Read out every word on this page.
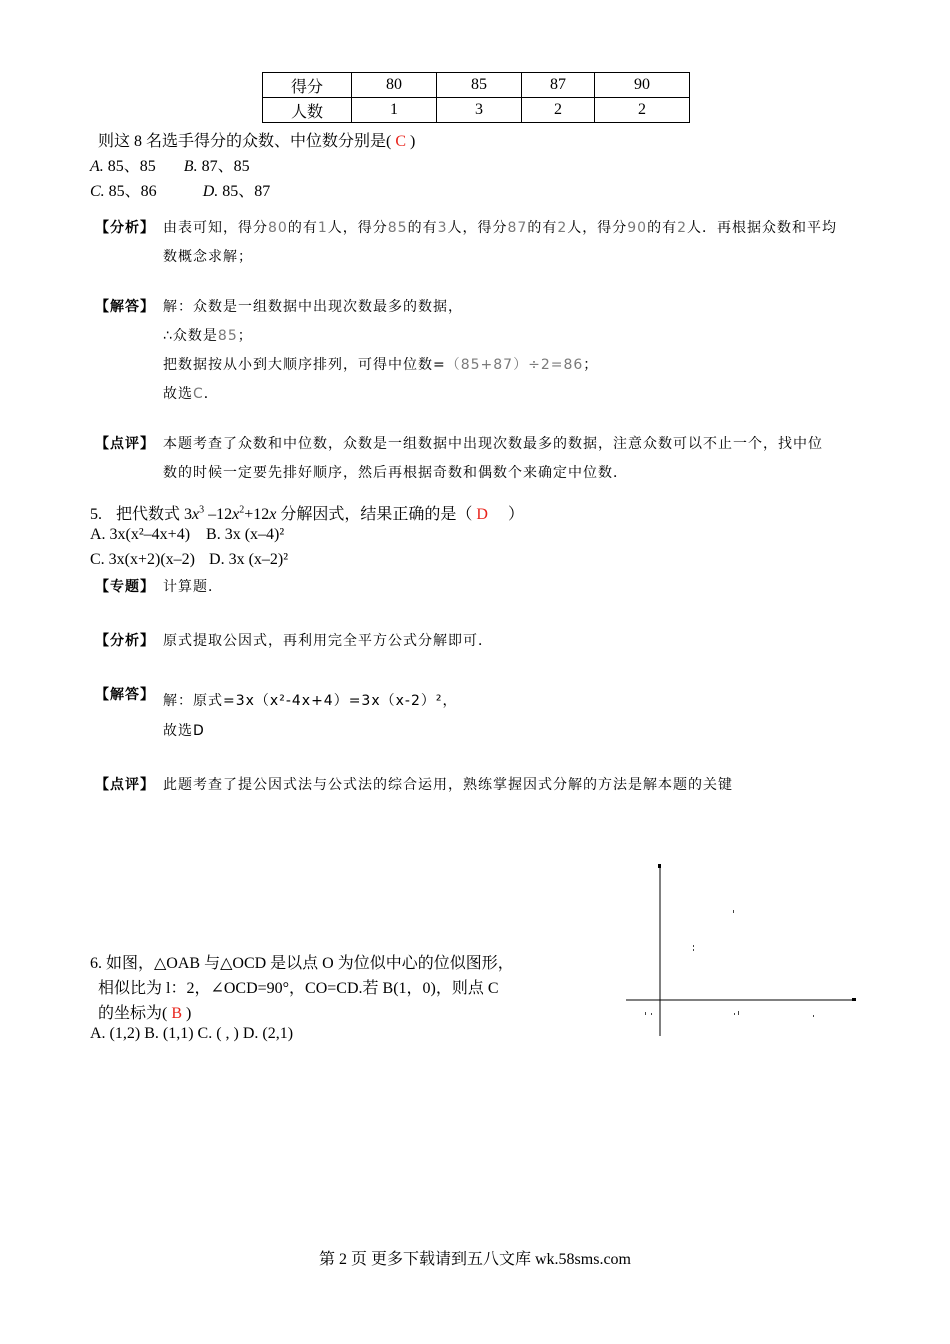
得分	80	85	87	90
人数	1	3	2	2
则这 8 名选手得分的众数、中位数分别是( C )
A. 85、85 B. 87、85
C. 85、86	D. 85、87
【分析】 由表可知，得分80的有1人，得分85的有3人，得分87的有2人，得分90的有2人．再根据众数和平均
数概念求解；
【解答】 解：众数是一组数据中出现次数最多的数据，
∴众数是85；
把数据按从小到大顺序排列，可得中位数=（85+87）÷2=86；
故选C．
【点评】 本题考查了众数和中位数，众数是一组数据中出现次数最多的数据，注意众数可以不止一个，找中位
数的时候一定要先排好顺序，然后再根据奇数和偶数个来确定中位数．
5. 把代数式 $3x^3$ $-12x^2+12x$ 分解因式，结果正确的是（ D ）
A. 3x(x²–4x+4) B. 3x (x–4)²
C. 3x(x+2)(x–2) D. 3x (x–2)²
【专题】 计算题．
【分析】 原式提取公因式，再利用完全平方公式分解即可．
【解答】 解：原式=3x（x²-4x+4）=3x（x-2）²，
故选D
【点评】 此题考查了提公因式法与公式法的综合运用，熟练掌握因式分解的方法是解本题的关键
6. 如图，△OAB 与△OCD 是以点 O 为位似中心的位似图形，
相似比为 l：2，∠OCD=90°，CO=CD.若 B(1，0)，则点 C
的坐标为( B )
A. (1,2) B. (1,1) C. ( , ) D. (2,1)
第 2 页 更多下载请到五八文库 wk.58sms.com
